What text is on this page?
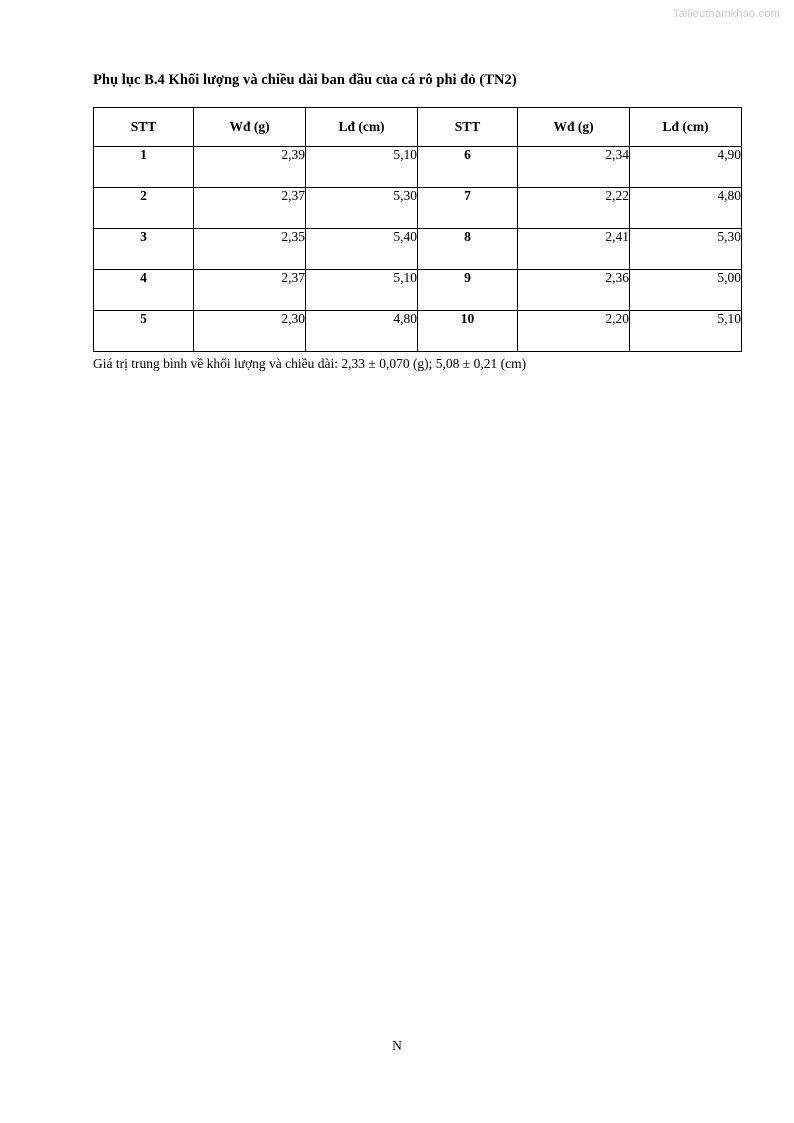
Tailieuthamkhao.com
Phụ lục B.4 Khối lượng và chiều dài ban đầu của cá rô phi đỏ (TN2)
STT	Wđ (g)	Lđ (cm)	STT	Wđ (g)	Lđ (cm)
1	2,39	5,10	6	2,34	4,90
2	2,37	5,30	7	2,22	4,80
3	2,35	5,40	8	2,41	5,30
4	2,37	5,10	9	2,36	5,00
5	2,30	4,80	10	2,20	5,10

Giá trị trung bình về khối lượng và chiều dài: 2,33 ± 0,070 (g); 5,08 ± 0,21 (cm)

N
